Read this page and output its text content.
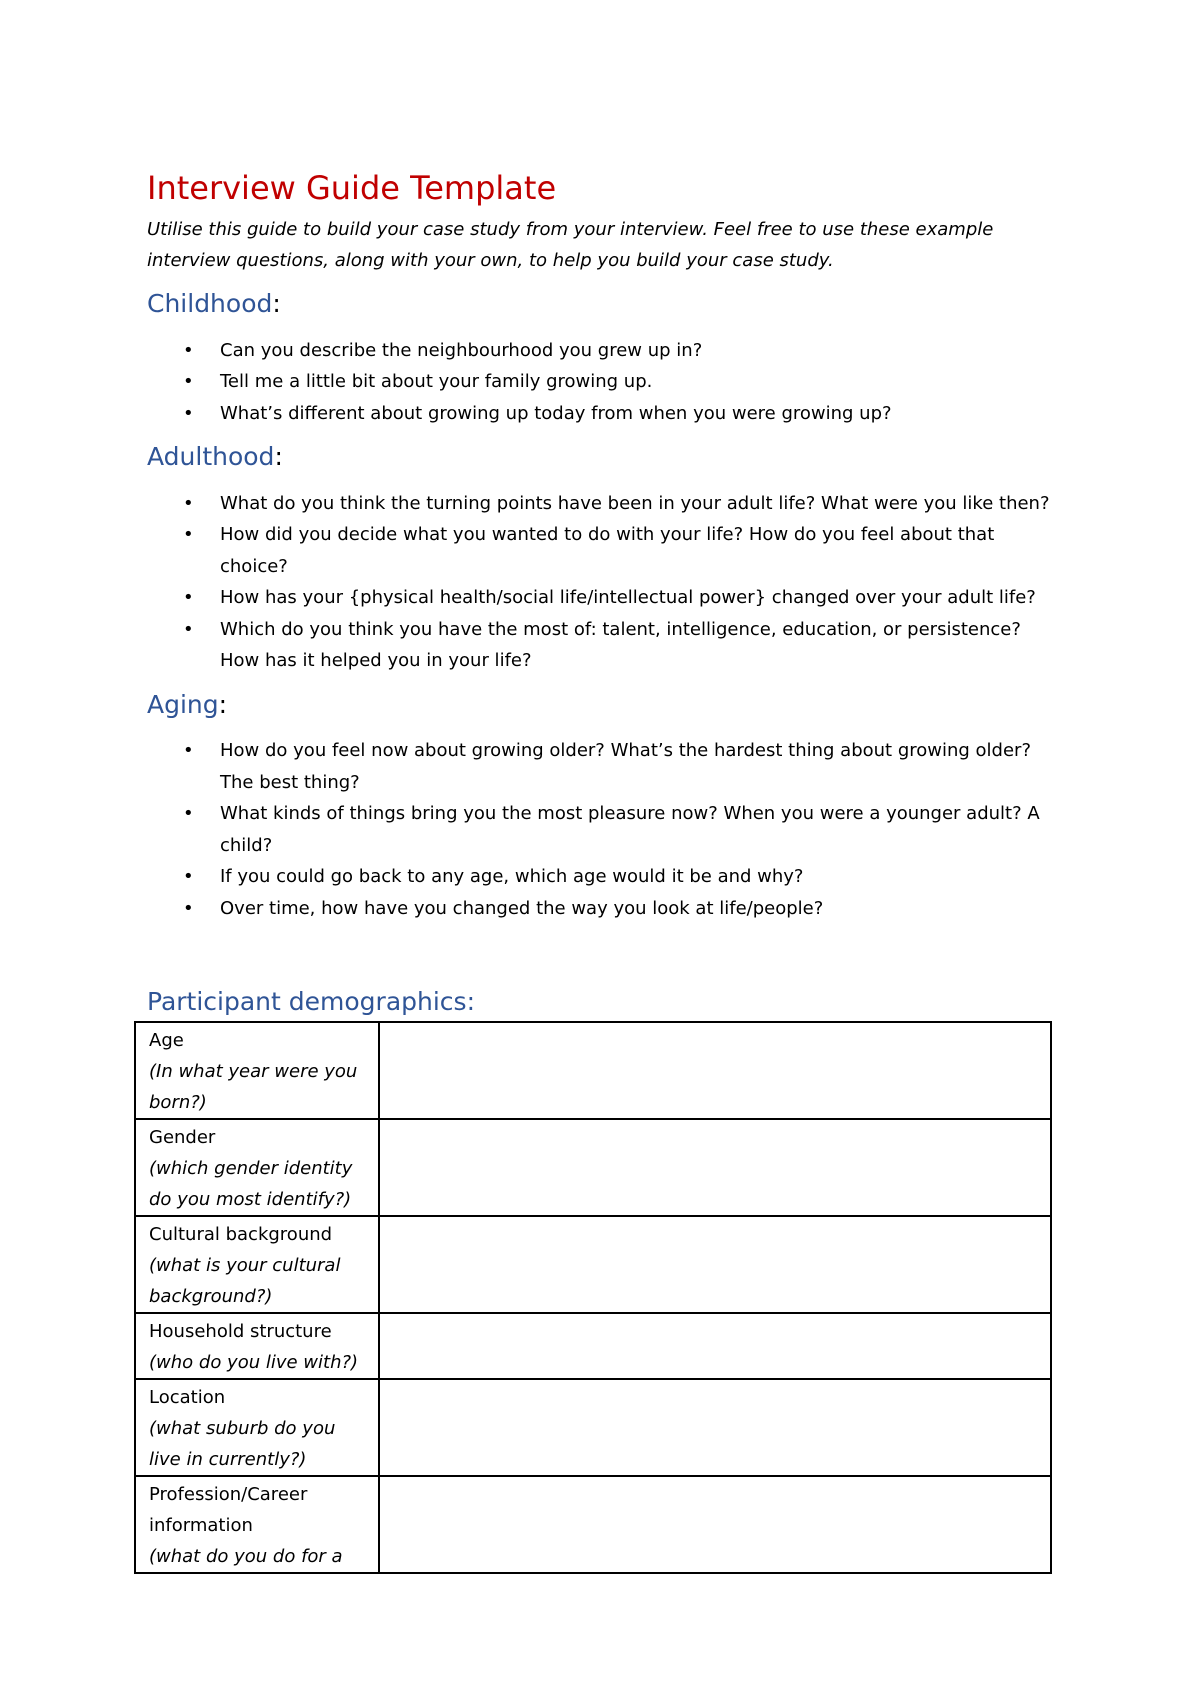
Interview Guide Template

Utilise this guide to build your case study from your interview. Feel free to use these example interview questions, along with your own, to help you build your case study.

Childhood:
• Can you describe the neighbourhood you grew up in?
• Tell me a little bit about your family growing up.
• What’s different about growing up today from when you were growing up?
Adulthood:
• What do you think the turning points have been in your adult life? What were you like then?
• How did you decide what you wanted to do with your life? How do you feel about that choice?
• How has your {physical health/social life/intellectual power} changed over your adult life?
• Which do you think you have the most of: talent, intelligence, education, or persistence? How has it helped you in your life?
Aging:
• How do you feel now about growing older? What’s the hardest thing about growing older? The best thing?
• What kinds of things bring you the most pleasure now? When you were a younger adult? A child?
• If you could go back to any age, which age would it be and why?
• Over time, how have you changed the way you look at life/people?
Participant demographics:
Age
(In what year were you born?)	

Gender
(which gender identity do you most identify?)	

Cultural background
(what is your cultural background?)	

Household structure
(who do you live with?)	

Location
(what suburb do you live in currently?)	

Profession/Career information
(what do you do for a	
